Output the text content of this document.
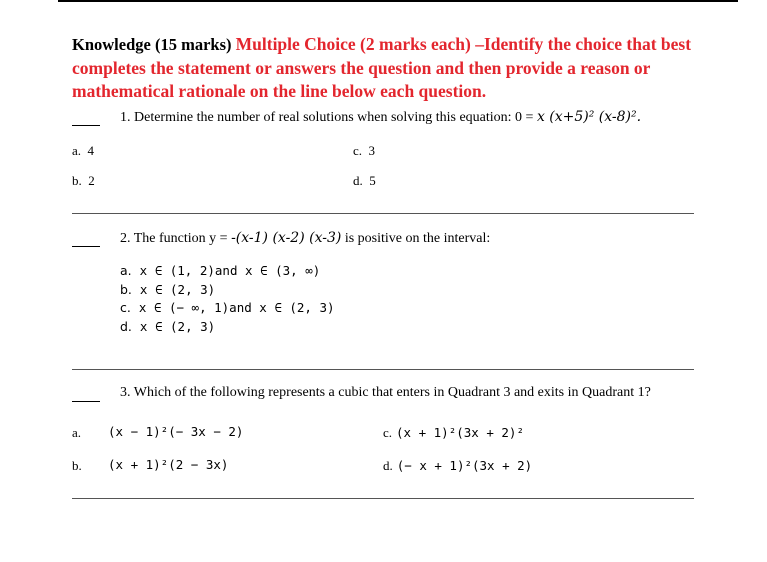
Knowledge (15 marks) Multiple Choice (2 marks each) –Identify the choice that best completes the statement or answers the question and then provide a reason or mathematical rationale on the line below each question.
1. Determine the number of real solutions when solving this equation: 0 = x (x+5)² (x-8)².
a. 4
b. 2
c. 3
d. 5
2. The function y = -(x-1) (x-2) (x-3) is positive on the interval:
a. x ∈ (1, 2)and x ∈ (3, ∞)
b. x ∈ (2, 3)
c. x ∈ (− ∞, 1)and x ∈ (2, 3)
d. x ∈ (2, 3)
3. Which of the following represents a cubic that enters in Quadrant 3 and exits in Quadrant 1?
a. (x − 1)²(− 3x − 2)
b. (x + 1)²(2 − 3x)
c. (x + 1)²(3x + 2)²
d. (− x + 1)²(3x + 2)
